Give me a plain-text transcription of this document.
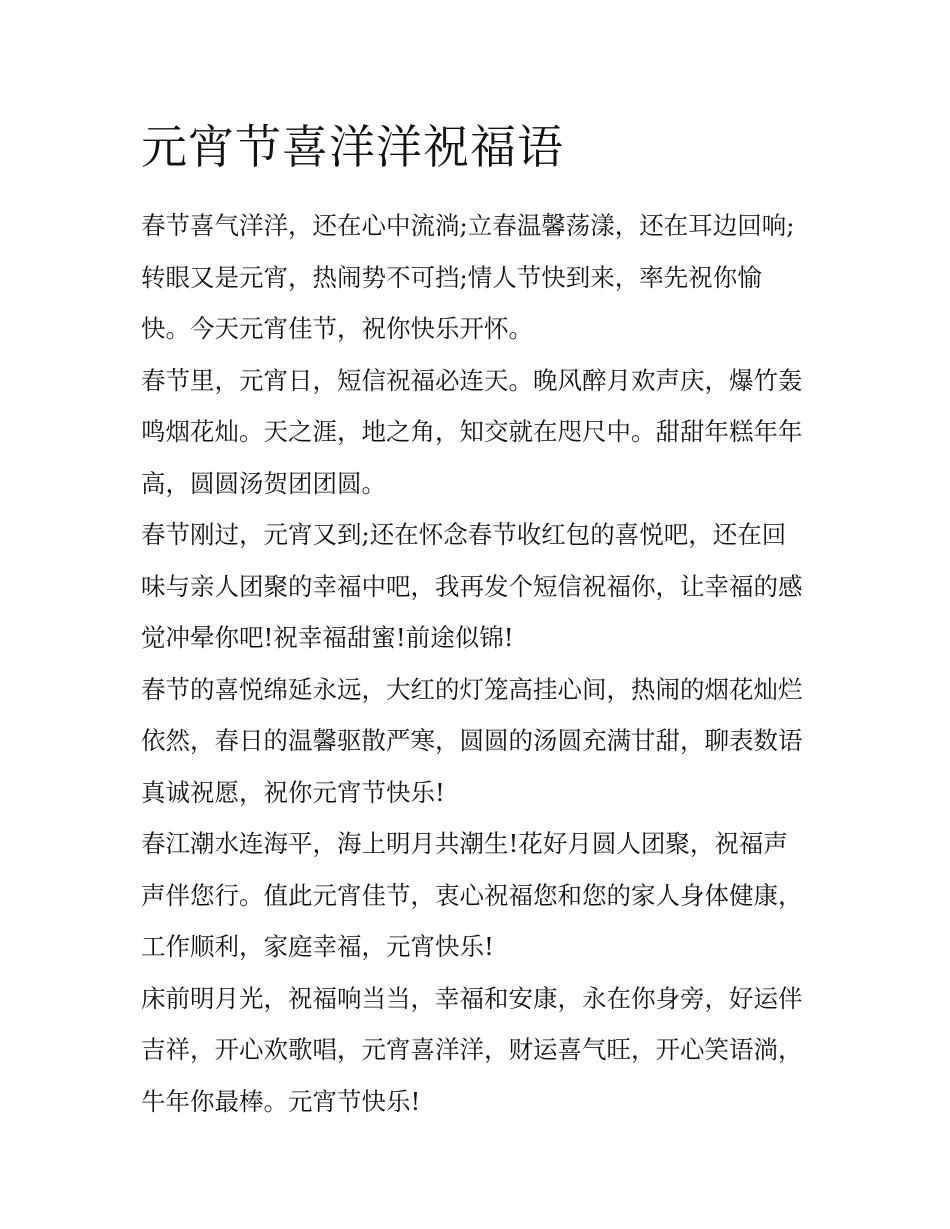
元宵节喜洋洋祝福语
春节喜气洋洋，还在心中流淌;立春温馨荡漾，还在耳边回响;
转眼又是元宵，热闹势不可挡;情人节快到来，率先祝你愉
快。今天元宵佳节，祝你快乐开怀。
春节里，元宵日，短信祝福必连天。晚风醉月欢声庆，爆竹轰
鸣烟花灿。天之涯，地之角，知交就在咫尺中。甜甜年糕年年
高，圆圆汤贺团团圆。
春节刚过，元宵又到;还在怀念春节收红包的喜悦吧，还在回
味与亲人团聚的幸福中吧，我再发个短信祝福你，让幸福的感
觉冲晕你吧!祝幸福甜蜜!前途似锦!
春节的喜悦绵延永远，大红的灯笼高挂心间，热闹的烟花灿烂
依然，春日的温馨驱散严寒，圆圆的汤圆充满甘甜，聊表数语
真诚祝愿，祝你元宵节快乐!
春江潮水连海平，海上明月共潮生!花好月圆人团聚，祝福声
声伴您行。值此元宵佳节，衷心祝福您和您的家人身体健康，
工作顺利，家庭幸福，元宵快乐!
床前明月光，祝福响当当，幸福和安康，永在你身旁，好运伴
吉祥，开心欢歌唱，元宵喜洋洋，财运喜气旺，开心笑语淌，
牛年你最棒。元宵节快乐!
